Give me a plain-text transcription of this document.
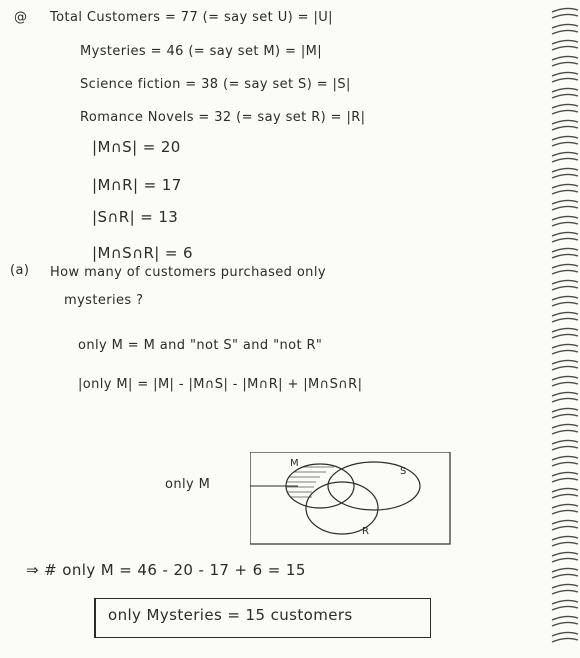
@ Total Customers = 77 (= say set U) = |U|
Mysteries = 46 (= say set M) = |M|
Science fiction = 38 (= say set S) = |S|
Romance Novels = 32 (= say set R) = |R|
|M∩S| = 20
|M∩R| = 17
|S∩R| = 13
|M∩S∩R| = 6
(a) How many of customers purchased only
mysteries ?
only M = M and "not S" and "not R"
|only M| = |M| - |M∩S| - |M∩R| + |M∩S∩R|
only M
M
S
R
⇒ # only M = 46 - 20 - 17 + 6 = 15
only Mysteries = 15 customers
